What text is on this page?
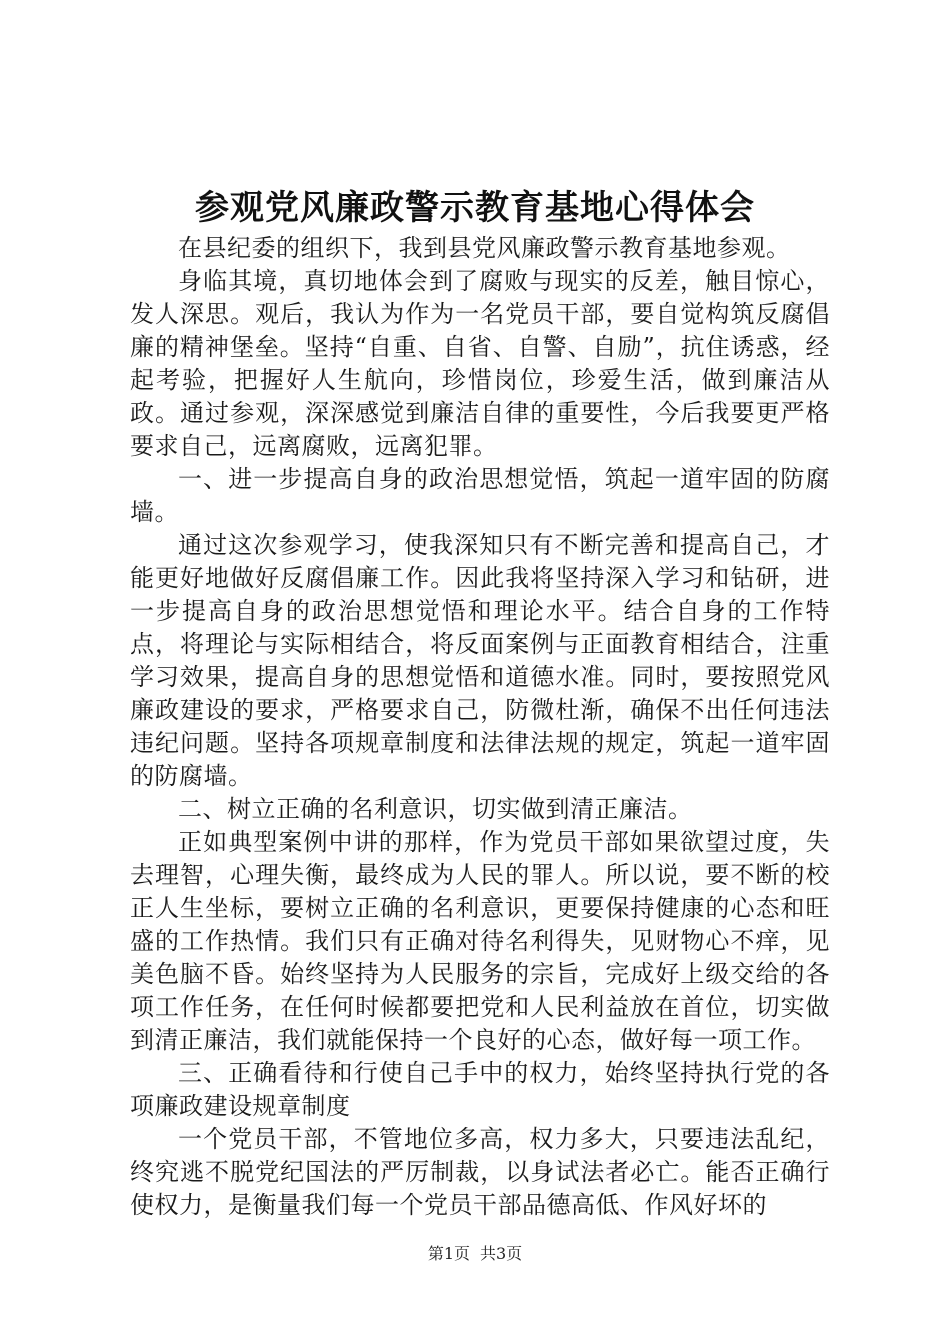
参观党风廉政警示教育基地心得体会

在县纪委的组织下，我到县党风廉政警示教育基地参观。

身临其境，真切地体会到了腐败与现实的反差，触目惊心，发人深思。观后，我认为作为一名党员干部，要自觉构筑反腐倡廉的精神堡垒。坚持“自重、自省、自警、自励”，抗住诱惑，经起考验，把握好人生航向，珍惜岗位，珍爱生活，做到廉洁从政。通过参观，深深感觉到廉洁自律的重要性，今后我要更严格要求自己，远离腐败，远离犯罪。

一、进一步提高自身的政治思想觉悟，筑起一道牢固的防腐墙。

通过这次参观学习，使我深知只有不断完善和提高自己，才能更好地做好反腐倡廉工作。因此我将坚持深入学习和钻研，进一步提高自身的政治思想觉悟和理论水平。结合自身的工作特点，将理论与实际相结合，将反面案例与正面教育相结合，注重学习效果，提高自身的思想觉悟和道德水准。同时，要按照党风廉政建设的要求，严格要求自己，防微杜渐，确保不出任何违法违纪问题。坚持各项规章制度和法律法规的规定，筑起一道牢固的防腐墙。

二、树立正确的名利意识，切实做到清正廉洁。

正如典型案例中讲的那样，作为党员干部如果欲望过度，失去理智，心理失衡，最终成为人民的罪人。所以说，要不断的校正人生坐标，要树立正确的名利意识，更要保持健康的心态和旺盛的工作热情。我们只有正确对待名利得失，见财物心不痒，见美色脑不昏。始终坚持为人民服务的宗旨，完成好上级交给的各项工作任务，在任何时候都要把党和人民利益放在首位，切实做到清正廉洁，我们就能保持一个良好的心态，做好每一项工作。

三、正确看待和行使自己手中的权力，始终坚持执行党的各项廉政建设规章制度

一个党员干部，不管地位多高，权力多大，只要违法乱纪，终究逃不脱党纪国法的严厉制裁，以身试法者必亡。能否正确行使权力，是衡量我们每一个党员干部品德高低、作风好坏的

第1页 共3页
